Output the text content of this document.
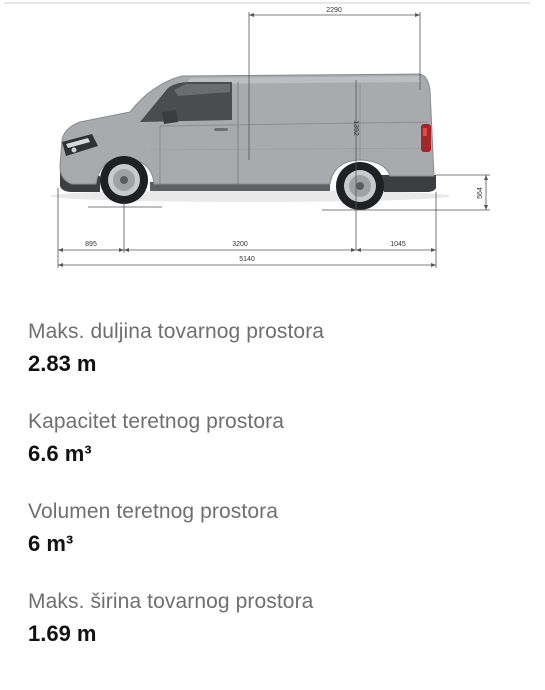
2290
1392
564
895	3200	1045
5140
Maks. duljina tovarnog prostora
2.83 m
Kapacitet teretnog prostora
6.6 m³
Volumen teretnog prostora
6 m³
Maks. širina tovarnog prostora
1.69 m
